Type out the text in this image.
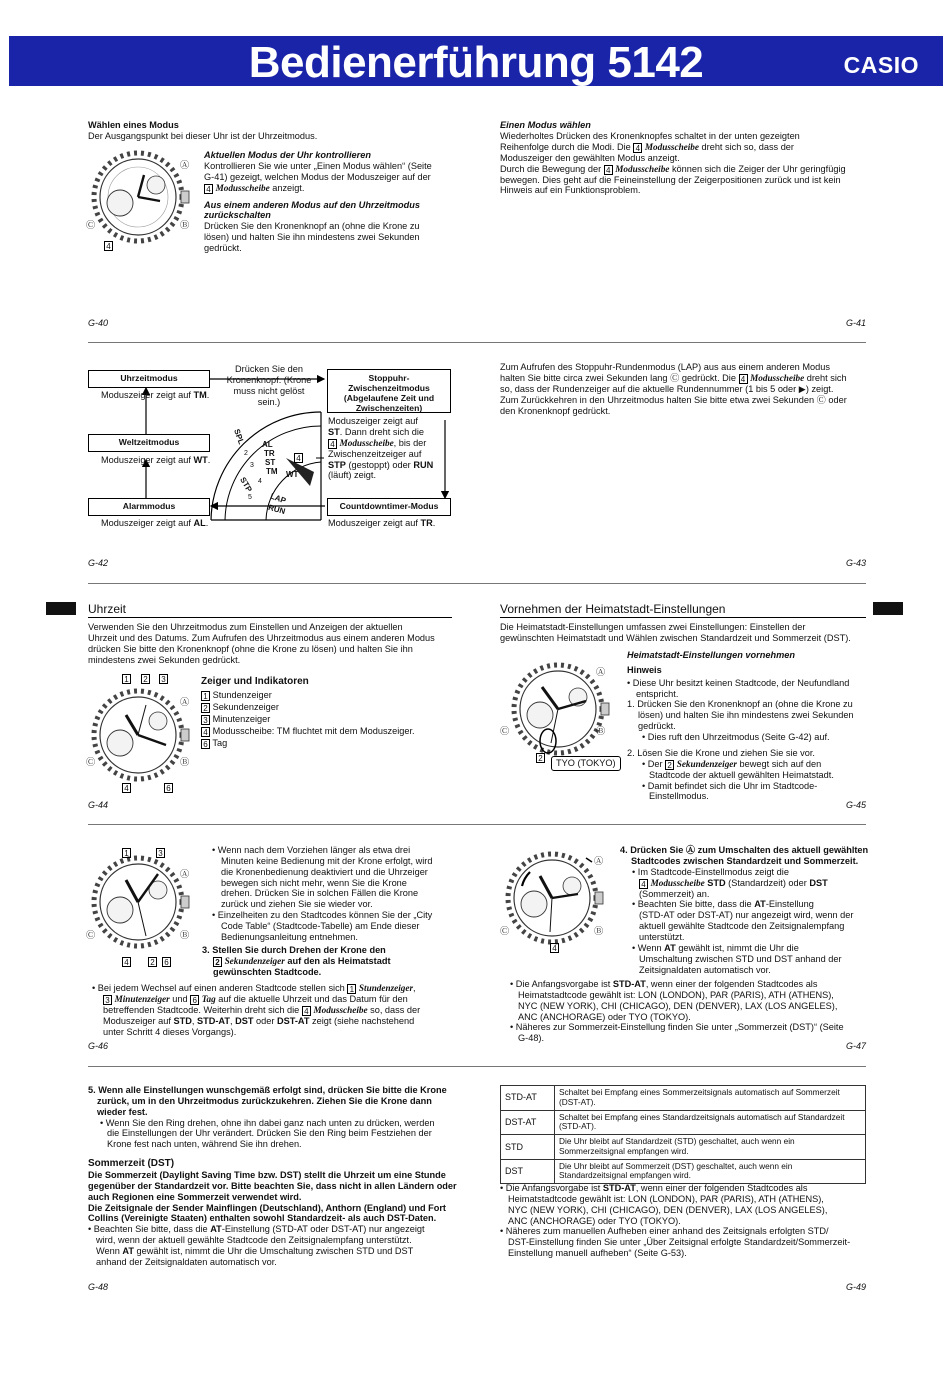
Bedienerführung 5142	CASIO
Wählen eines Modus
Der Ausgangspunkt bei dieser Uhr ist der Uhrzeitmodus.
Ⓐ
Ⓑ
Ⓒ
4
Aktuellen Modus der Uhr kontrollieren
Kontrollieren Sie wie unter „Einen Modus wählen“ (Seite
G-41) gezeigt, welchen Modus der Moduszeiger auf der
4 Modusscheibe anzeigt.
Aus einem anderen Modus auf den Uhrzeitmodus
zurückschalten
Drücken Sie den Kronenknopf an (ohne die Krone zu
lösen) und halten Sie ihn mindestens zwei Sekunden
gedrückt.
G-40
Einen Modus wählen
Wiederholtes Drücken des Kronenknopfes schaltet in der unten gezeigten
Reihenfolge durch die Modi. Die 4 Modusscheibe dreht sich so, dass der
Moduszeiger den gewählten Modus anzeigt.
Durch die Bewegung der 4 Modusscheibe können sich die Zeiger der Uhr geringfügig
bewegen. Dies geht auf die Feineinstellung der Zeigerpositionen zurück und ist kein
Hinweis auf ein Funktionsproblem.
G-41
Drücken Sie den
Kronenknopf. (Krone
muss nicht gelöst
sein.)
Uhrzeitmodus
Moduszeiger zeigt auf TM.
Weltzeitmodus
Moduszeiger zeigt auf WT.
Alarmmodus
Moduszeiger zeigt auf AL.
Stoppuhr-
Zwischenzeitmodus
(Abgelaufene Zeit und
Zwischenzeiten)
Moduszeiger zeigt auf
ST. Dann dreht sich die
4 Modusscheibe, bis der
Zwischenzeitzeiger auf
STP (gestoppt) oder RUN
(läuft) zeigt.
Countdowntimer-Modus
Moduszeiger zeigt auf TR.
SPL AL
TR
ST
TM WT
STP
LAP
RUN
2
3
4
5
4
G-42
Zum Aufrufen des Stoppuhr-Rundenmodus (LAP) aus aus einem anderen Modus
halten Sie bitte circa zwei Sekunden lang Ⓒ gedrückt. Die 4 Modusscheibe dreht sich
so, dass der Rundenzeiger auf die aktuelle Rundennummer (1 bis 5 oder ▶) zeigt.
Zum Zurückkehren in den Uhrzeitmodus halten Sie bitte etwa zwei Sekunden Ⓒ oder
den Kronenknopf gedrückt.
G-43
Uhrzeit
Verwenden Sie den Uhrzeitmodus zum Einstellen und Anzeigen der aktuellen
Uhrzeit und des Datums. Zum Aufrufen des Uhrzeitmodus aus einem anderen Modus
drücken Sie bitte den Kronenknopf (ohne die Krone zu lösen) und halten Sie ihn
mindestens zwei Sekunden gedrückt.
1 2 3
4	6
Ⓐ
Ⓑ
Ⓒ
Zeiger und Indikatoren
1 Stundenzeiger
2 Sekundenzeiger
3 Minutenzeiger
4 Modusscheibe: TM fluchtet mit dem Moduszeiger.
6 Tag
G-44
Vornehmen der Heimatstadt-Einstellungen
Die Heimatstadt-Einstellungen umfassen zwei Einstellungen: Einstellen der
gewünschten Heimatstadt und Wählen zwischen Standardzeit und Sommerzeit (DST).
Ⓐ
Ⓑ
Ⓒ
2	TYO (TOKYO)
Heimatstadt-Einstellungen vornehmen
Hinweis
• Diese Uhr besitzt keinen Stadtcode, der Neufundland
entspricht.
1. Drücken Sie den Kronenknopf an (ohne die Krone zu
lösen) und halten Sie ihn mindestens zwei Sekunden
gedrückt.
• Dies ruft den Uhrzeitmodus (Seite G-42) auf.
2. Lösen Sie die Krone und ziehen Sie sie vor.
• Der 2 Sekundenzeiger bewegt sich auf den
Stadtcode der aktuell gewählten Heimatstadt.
• Damit befindet sich die Uhr im Stadtcode-
Einstellmodus.
G-45
1	3
4	2 6
Ⓐ
Ⓑ
Ⓒ
• Wenn nach dem Vorziehen länger als etwa drei
Minuten keine Bedienung mit der Krone erfolgt, wird
die Kronenbedienung deaktiviert und die Uhrzeiger
bewegen sich nicht mehr, wenn Sie die Krone
drehen. Drücken Sie in solchen Fällen die Krone
zurück und ziehen Sie sie wieder vor.
• Einzelheiten zu den Stadtcodes können Sie der „City
Code Table“ (Stadtcode-Tabelle) am Ende dieser
Bedienungsanleitung entnehmen.
3. Stellen Sie durch Drehen der Krone den
2 Sekundenzeiger auf den als Heimatstadt
gewünschten Stadtcode.
• Bei jedem Wechsel auf einen anderen Stadtcode stellen sich 1 Stundenzeiger,
3 Minutenzeiger und 6 Tag auf die aktuelle Uhrzeit und das Datum für den
betreffenden Stadtcode. Weiterhin dreht sich die 4 Modusscheibe so, dass der
Moduszeiger auf STD, STD-AT, DST oder DST-AT zeigt (siehe nachstehend
unter Schritt 4 dieses Vorgangs).
G-46
Ⓐ
Ⓑ
Ⓒ
4
4. Drücken Sie Ⓐ zum Umschalten des aktuell gewählten
Stadtcodes zwischen Standardzeit und Sommerzeit.
• Im Stadtcode-Einstellmodus zeigt die
4 Modusscheibe STD (Standardzeit) oder DST
(Sommerzeit) an.
• Beachten Sie bitte, dass die AT-Einstellung
(STD-AT oder DST-AT) nur angezeigt wird, wenn der
aktuell gewählte Stadtcode den Zeitsignalempfang
unterstützt.
• Wenn AT gewählt ist, nimmt die Uhr die
Umschaltung zwischen STD und DST anhand der
Zeitsignaldaten automatisch vor.
• Die Anfangsvorgabe ist STD-AT, wenn einer der folgenden Stadtcodes als
Heimatstadtcode gewählt ist: LON (LONDON), PAR (PARIS), ATH (ATHENS),
NYC (NEW YORK), CHI (CHICAGO), DEN (DENVER), LAX (LOS ANGELES),
ANC (ANCHORAGE) oder TYO (TOKYO).
• Näheres zur Sommerzeit-Einstellung finden Sie unter „Sommerzeit (DST)“ (Seite
G-48).
G-47
5. Wenn alle Einstellungen wunschgemäß erfolgt sind, drücken Sie bitte die Krone
zurück, um in den Uhrzeitmodus zurückzukehren. Ziehen Sie die Krone dann
wieder fest.
• Wenn Sie den Ring drehen, ohne ihn dabei ganz nach unten zu drücken, werden
die Einstellungen der Uhr verändert. Drücken Sie den Ring beim Festziehen der
Krone fest nach unten, während Sie ihn drehen.
Sommerzeit (DST)
Die Sommerzeit (Daylight Saving Time bzw. DST) stellt die Uhrzeit um eine Stunde
gegenüber der Standardzeit vor. Bitte beachten Sie, dass nicht in allen Ländern oder
auch Regionen eine Sommerzeit verwendet wird.
Die Zeitsignale der Sender Mainflingen (Deutschland), Anthorn (England) und Fort
Collins (Vereinigte Staaten) enthalten sowohl Standardzeit- als auch DST-Daten.
• Beachten Sie bitte, dass die AT-Einstellung (STD-AT oder DST-AT) nur angezeigt
wird, wenn der aktuell gewählte Stadtcode den Zeitsignalempfang unterstützt.
Wenn AT gewählt ist, nimmt die Uhr die Umschaltung zwischen STD und DST
anhand der Zeitsignaldaten automatisch vor.
G-48
STD-AT	Schaltet bei Empfang eines Sommerzeitsignals automatisch auf Sommerzeit (DST-AT).
DST-AT	Schaltet bei Empfang eines Standardzeitsignals automatisch auf Standardzeit (STD-AT).
STD	Die Uhr bleibt auf Standardzeit (STD) geschaltet, auch wenn ein Sommerzeitsignal empfangen wird.
DST	Die Uhr bleibt auf Sommerzeit (DST) geschaltet, auch wenn ein Standardzeitsignal empfangen wird.
• Die Anfangsvorgabe ist STD-AT, wenn einer der folgenden Stadtcodes als
Heimatstadtcode gewählt ist: LON (LONDON), PAR (PARIS), ATH (ATHENS),
NYC (NEW YORK), CHI (CHICAGO), DEN (DENVER), LAX (LOS ANGELES),
ANC (ANCHORAGE) oder TYO (TOKYO).
• Näheres zum manuellen Aufheben einer anhand des Zeitsignals erfolgten STD/
DST-Einstellung finden Sie unter „Über Zeitsignal erfolgte Standardzeit/Sommerzeit-
Einstellung manuell aufheben“ (Seite G-53).
G-49
